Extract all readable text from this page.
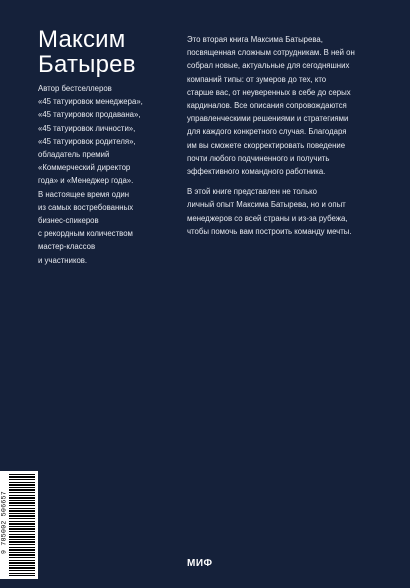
Максим
Батырев
Автор бестселлеров
«45 татуировок менеджера»,
«45 татуировок продавана»,
«45 татуировок личности»,
«45 татуировок родителя»,
обладатель премий
«Коммерческий директор
года» и «Менеджер года».
В настоящее время один
из самых востребованных
бизнес-спикеров
с рекордным количеством
мастер-классов
и участников.

Это вторая книга Максима Батырева,
посвященная сложным сотрудникам. В ней он
собрал новые, актуальные для сегодняшних
компаний типы: от зумеров до тех, кто
старше вас, от неуверенных в себе до серых
кардиналов. Все описания сопровождаются
управленческими решениями и стратегиями
для каждого конкретного случая. Благодаря
им вы сможете скорректировать поведение
почти любого подчиненного и получить
эффективного командного работника.

В этой книге представлен не только
личный опыт Максима Батырева, но и опыт
менеджеров со всей страны и из-за рубежа,
чтобы помочь вам построить команду мечты.

9 785002 506657
МИФ
